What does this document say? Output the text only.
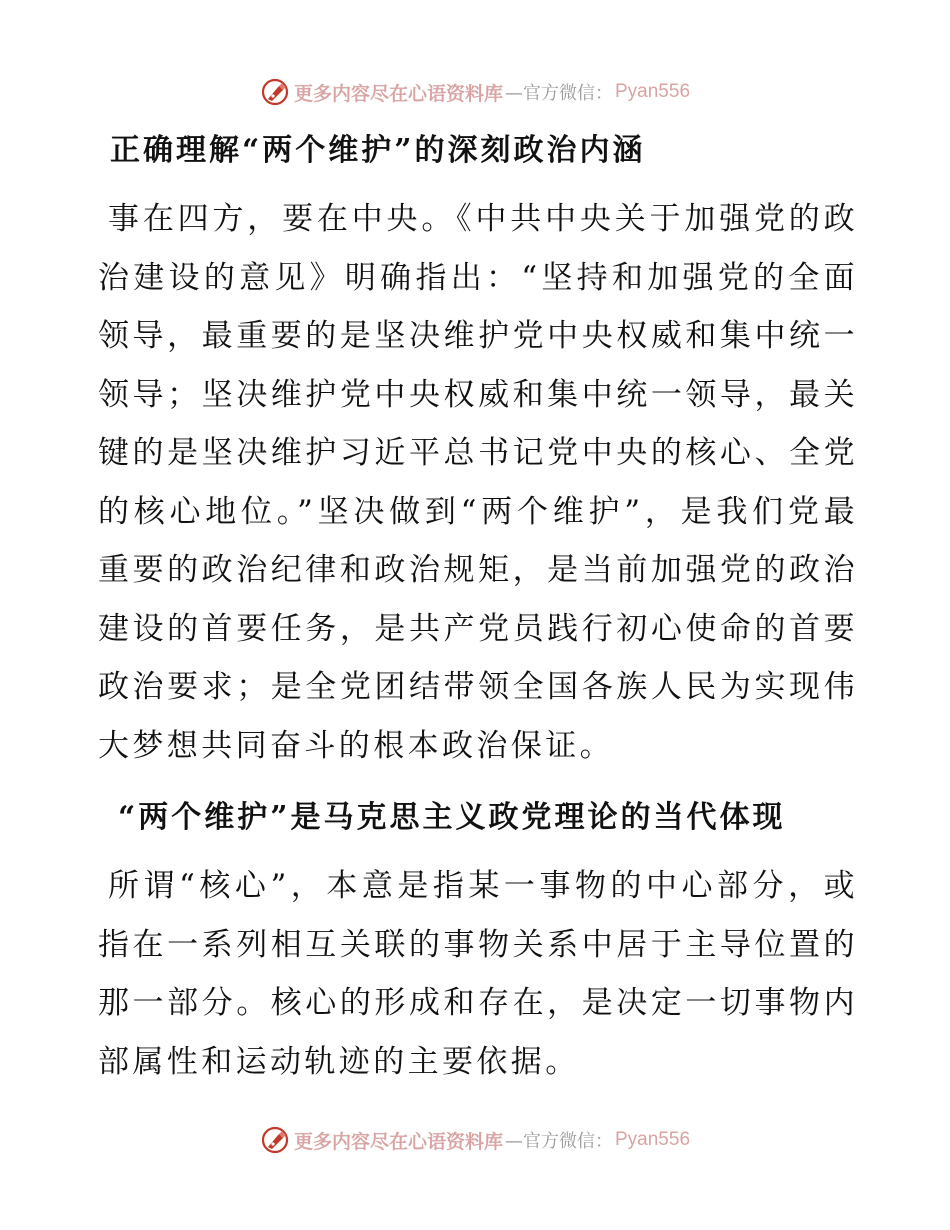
更多内容尽在心语资料库 —官方微信： Pyan556
正确理解“两个维护”的深刻政治内涵

事在四方，要在中央。《中共中央关于加强党的政治建设的意见》明确指出：“坚持和加强党的全面领导，最重要的是坚决维护党中央权威和集中统一领导；坚决维护党中央权威和集中统一领导，最关键的是坚决维护习近平总书记党中央的核心、全党的核心地位。”坚决做到“两个维护”，是我们党最重要的政治纪律和政治规矩，是当前加强党的政治建设的首要任务，是共产党员践行初心使命的首要政治要求；是全党团结带领全国各族人民为实现伟大梦想共同奋斗的根本政治保证。

“两个维护”是马克思主义政党理论的当代体现

所谓“核心”，本意是指某一事物的中心部分，或指在一系列相互关联的事物关系中居于主导位置的那一部分。核心的形成和存在，是决定一切事物内部属性和运动轨迹的主要依据。

更多内容尽在心语资料库 —官方微信： Pyan556
